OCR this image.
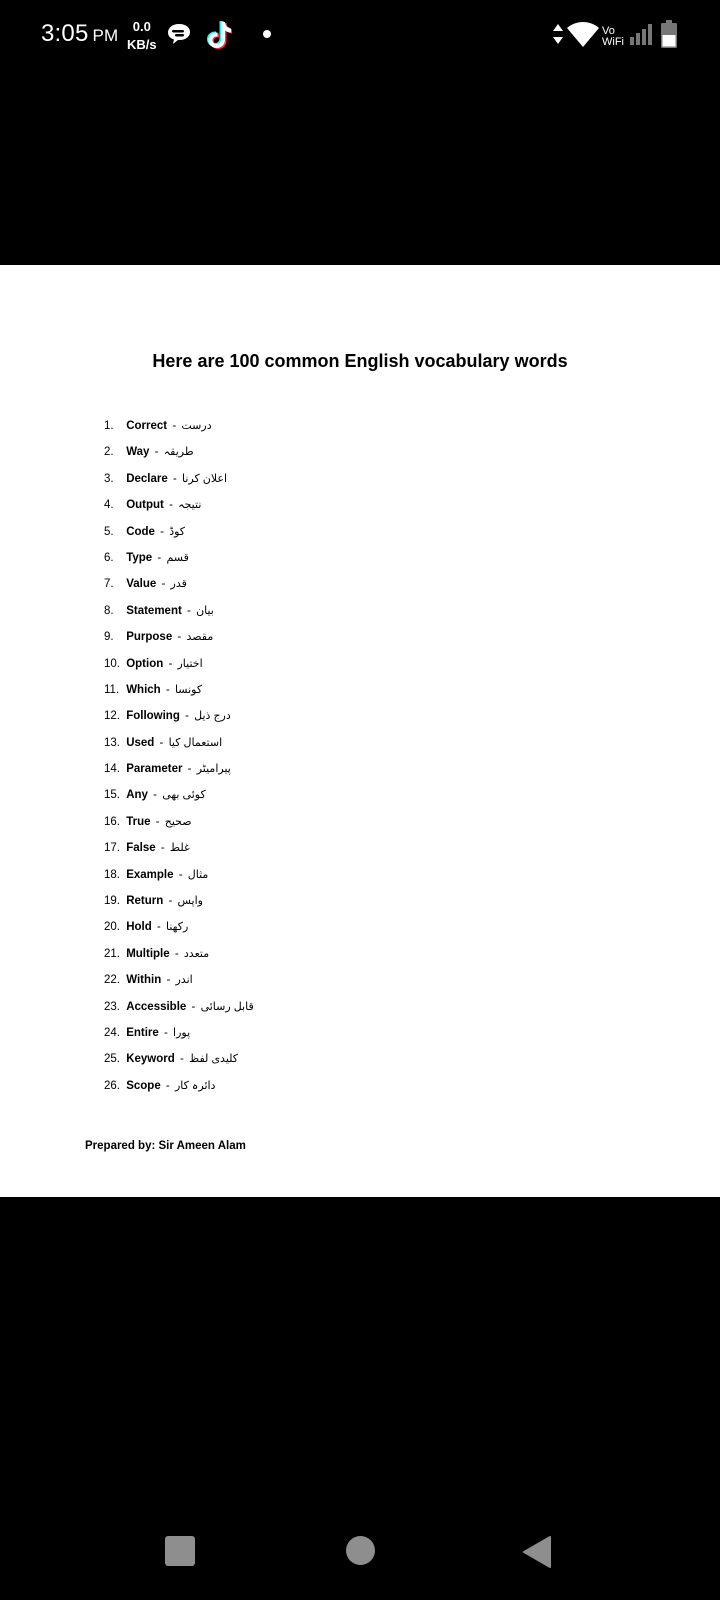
3:05 PM	0.0
KB/s
Vo
WiFi
Here are 100 common English vocabulary words
1. Correct - درست
2. Way - طریقہ
3. Declare - اعلان کرنا
4. Output - نتیجہ
5. Code - کوڈ
6. Type - قسم
7. Value - قدر
8. Statement - بیان
9. Purpose - مقصد
10. Option - اختیار
11. Which - کونسا
12. Following - درج ذیل
13. Used - استعمال کیا
14. Parameter - پیرامیٹر
15. Any - کوئی بھی
16. True - صحیح
17. False - غلط
18. Example - مثال
19. Return - واپس
20. Hold - رکھنا
21. Multiple - متعدد
22. Within - اندر
23. Accessible - قابل رسائی
24. Entire - پورا
25. Keyword - کلیدی لفظ
26. Scope - دائرہ کار
Prepared by: Sir Ameen Alam
